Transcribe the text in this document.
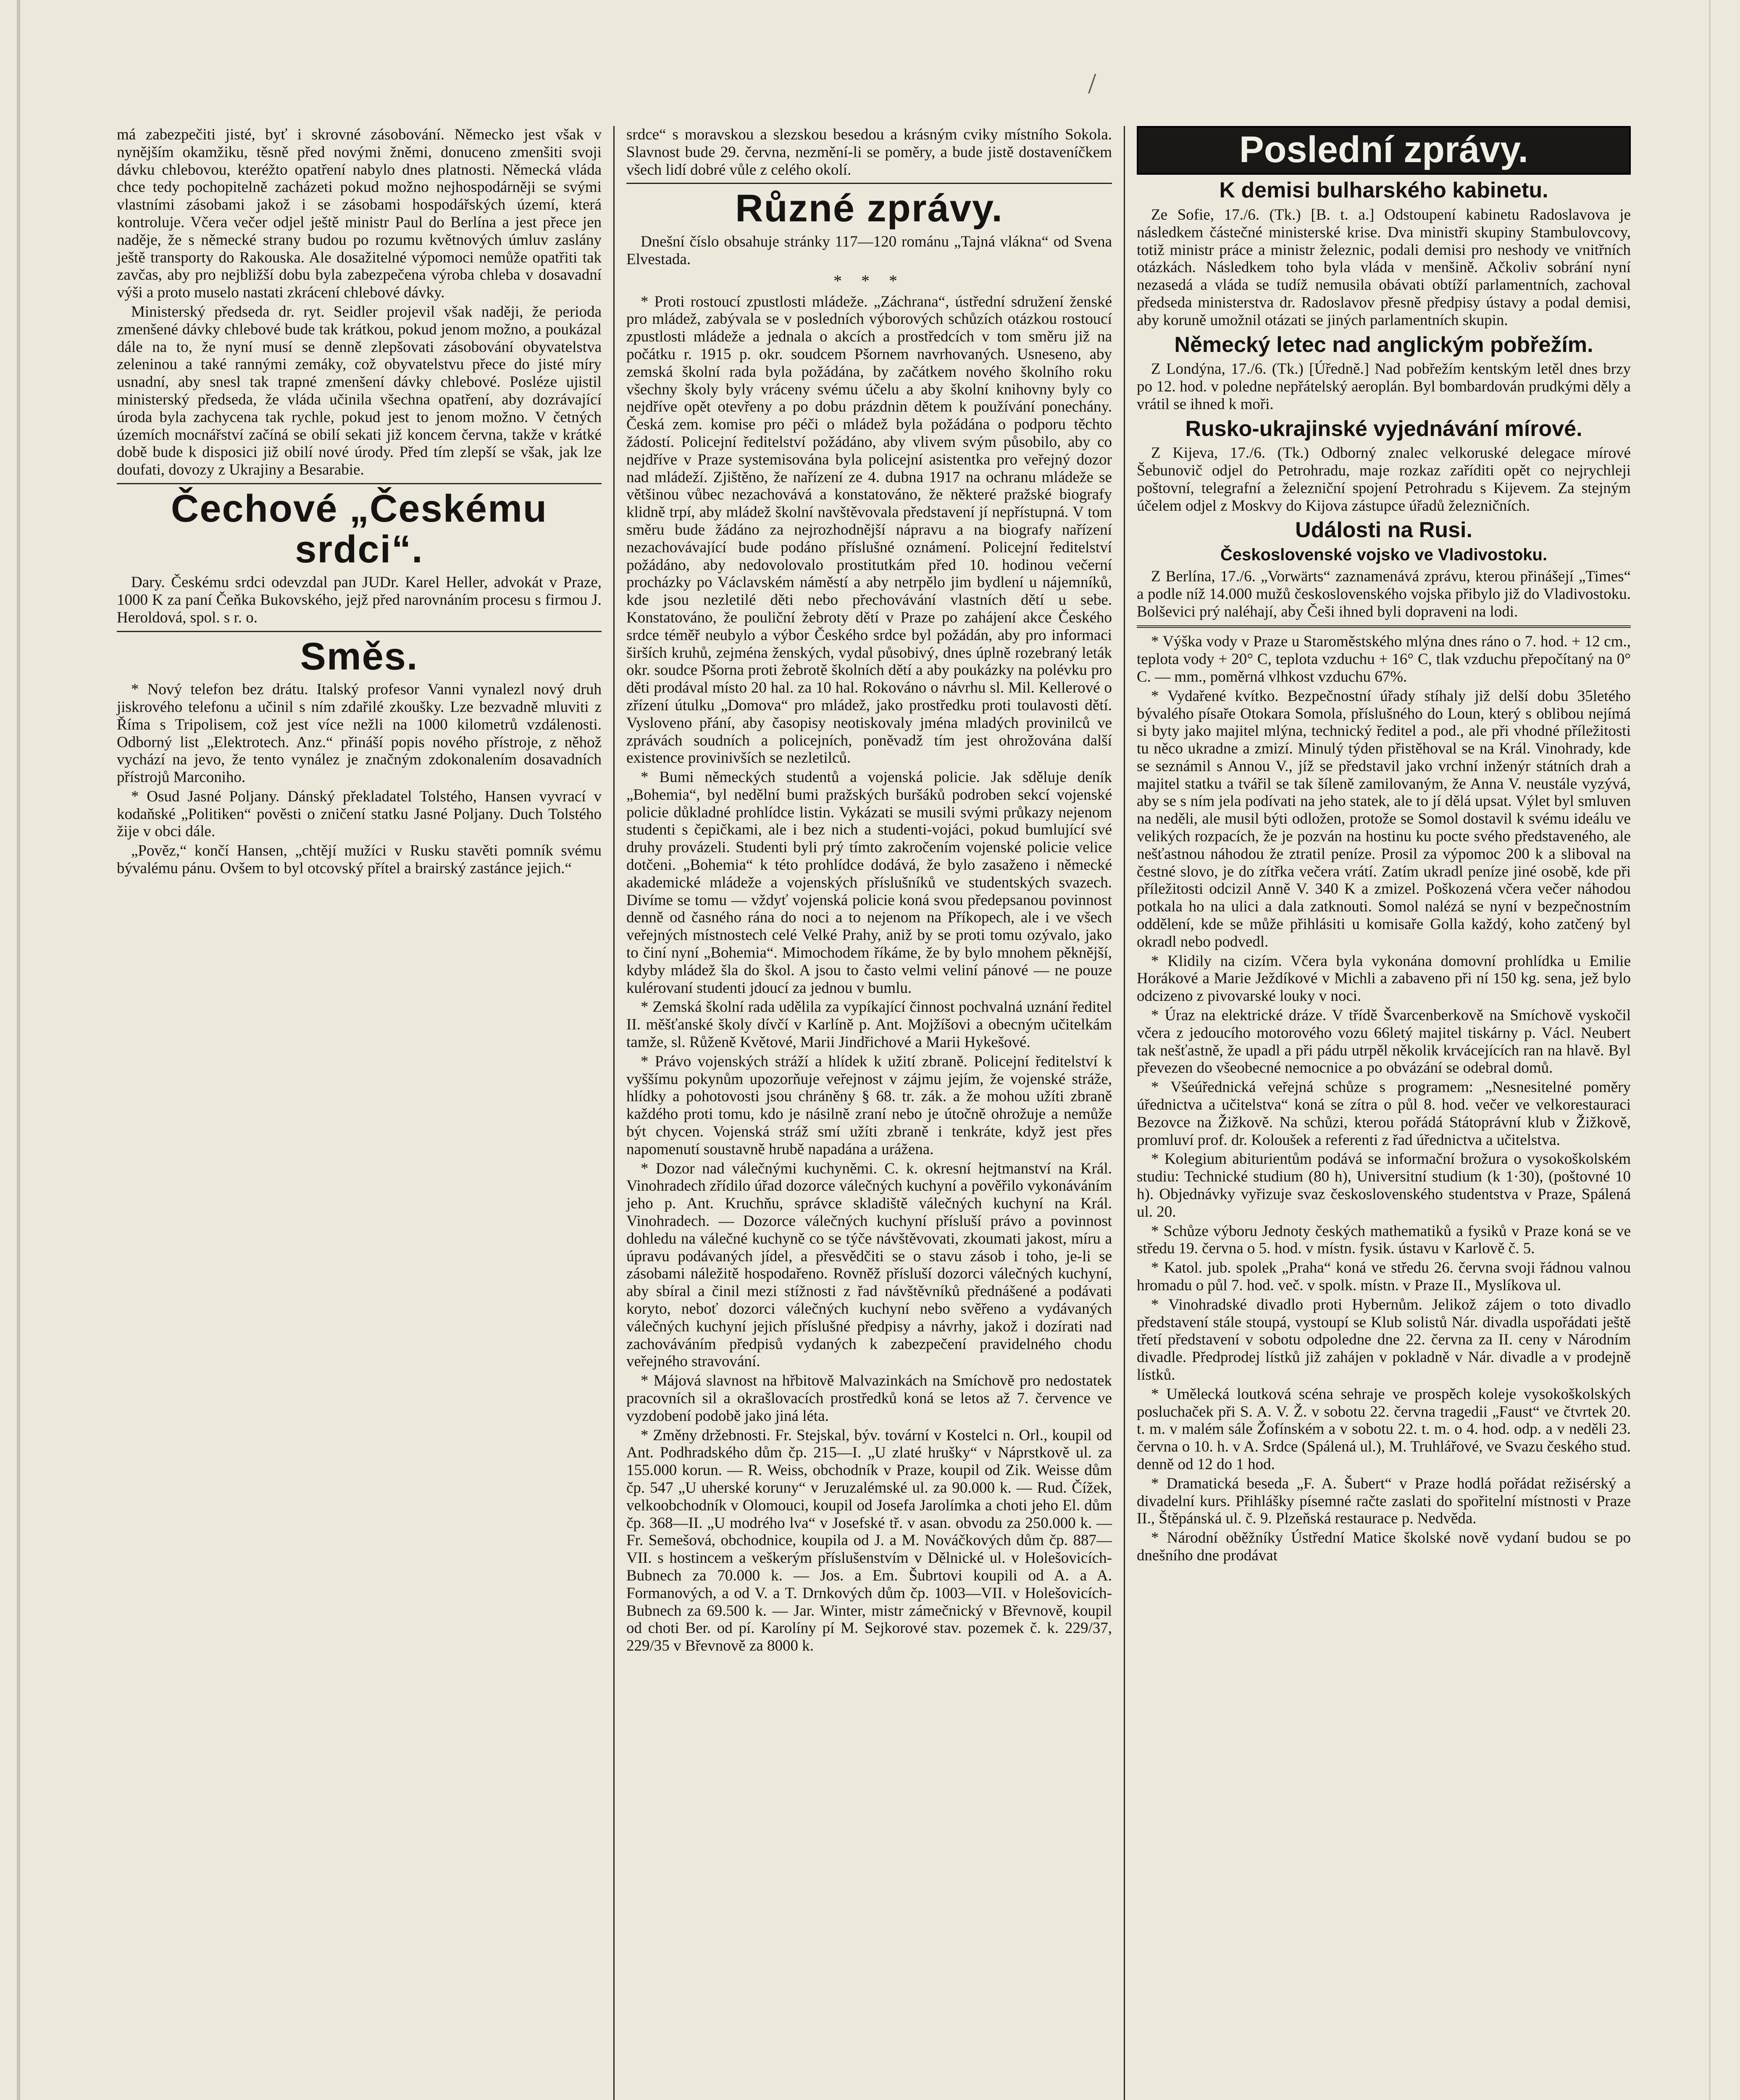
/

má zabezpečiti jisté, byť i skrovné zásobování. Německo jest však v nynějším okamžiku, těsně před novými žněmi, donuceno zmenšiti svoji dávku chlebovou, kteréžto opatření nabylo dnes platnosti. Německá vláda chce tedy pochopitelně zacházeti pokud možno nejhospodárněji se svými vlastními zásobami jakož i se zásobami hospodářských území, která kontroluje. Včera večer odjel ještě ministr Paul do Berlína a jest přece jen naděje, že s německé strany budou po rozumu květnových úmluv zaslány ještě transporty do Rakouska. Ale dosažitelné výpomoci nemůže opatřiti tak zavčas, aby pro nejbližší dobu byla zabezpečena výroba chleba v dosavadní výši a proto muselo nastati zkrácení chlebové dávky.

Ministerský předseda dr. ryt. Seidler projevil však naději, že perioda zmenšené dávky chlebové bude tak krátkou, pokud jenom možno, a poukázal dále na to, že nyní musí se denně zlepšovati zásobování obyvatelstva zeleninou a také rannými zemáky, což obyvatelstvu přece do jisté míry usnadní, aby snesl tak trapné zmenšení dávky chlebové. Posléze ujistil ministerský předseda, že vláda učinila všechna opatření, aby dozrávající úroda byla zachycena tak rychle, pokud jest to jenom možno. V četných územích mocnářství začíná se obilí sekati již koncem června, takže v krátké době bude k disposici již obilí nové úrody. Před tím zlepší se však, jak lze doufati, dovozy z Ukrajiny a Besarabie.

Čechové „Českému srdci“.

Dary. Českému srdci odevzdal pan JUDr. Karel Heller, advokát v Praze, 1000 K za paní Čeňka Bukovského, jejž před narovnáním procesu s firmou J. Heroldová, spol. s r. o.

Směs.

* Nový telefon bez drátu. Italský profesor Vanni vynalezl nový druh jiskrového telefonu a učinil s ním zdařilé zkoušky. Lze bezvadně mluviti z Říma s Tripolisem, což jest více nežli na 1000 kilometrů vzdálenosti. Odborný list „Elektrotech. Anz.“ přináší popis nového přístroje, z něhož vychází na jevo, že tento vynález je značným zdokonalením dosavadních přístrojů Marconiho.

* Osud Jasné Poljany. Dánský překladatel Tolstého, Hansen vyvrací v kodaňské „Politiken“ pověsti o zničení statku Jasné Poljany. Duch Tolstého žije v obci dále.

„Pověz,“ končí Hansen, „chtějí mužíci v Rusku stavěti pomník svému bývalému pánu. Ovšem to byl otcovský přítel a brairský zastánce jejich.“

srdce“ s moravskou a slezskou besedou a krásným cviky místního Sokola. Slavnost bude 29. června, nezmění-li se poměry, a bude jistě dostaveníčkem všech lidí dobré vůle z celého okolí.

Různé zprávy.

Dnešní číslo obsahuje stránky 117—120 románu „Tajná vlákna“ od Svena Elvestada.

* * *

* Proti rostoucí zpustlosti mládeže. „Záchrana“, ústřední sdružení ženské pro mládež, zabývala se v posledních výborových schůzích otázkou rostoucí zpustlosti mládeže a jednala o akcích a prostředcích v tom směru již na počátku r. 1915 p. okr. soudcem Pšornem navrhovaných. Usneseno, aby zemská školní rada byla požádána, by začátkem nového školního roku všechny školy byly vráceny svému účelu a aby školní knihovny byly co nejdříve opět otevřeny a po dobu prázdnin dětem k používání ponechány. Česká zem. komise pro péči o mládež byla požádána o podporu těchto žádostí. Policejní ředitelství požádáno, aby vlivem svým působilo, aby co nejdříve v Praze systemisována byla policejní asistentka pro veřejný dozor nad mládeží. Zjištěno, že nařízení ze 4. dubna 1917 na ochranu mládeže se většinou vůbec nezachovává a konstatováno, že některé pražské biografy klidně trpí, aby mládež školní navštěvovala představení jí nepřístupná. V tom směru bude žádáno za nejrozhodnější nápravu a na biografy nařízení nezachovávající bude podáno příslušné oznámení. Policejní ředitelství požádáno, aby nedovolovalo prostitutkám před 10. hodinou večerní procházky po Václavském náměstí a aby netrpělo jim bydlení u nájemníků, kde jsou nezletilé děti nebo přechovávání vlastních dětí u sebe. Konstatováno, že pouliční žebroty dětí v Praze po zahájení akce Českého srdce téměř neubylo a výbor Českého srdce byl požádán, aby pro informaci širších kruhů, zejména ženských, vydal působivý, dnes úplně rozebraný leták okr. soudce Pšorna proti žebrotě školních dětí a aby poukázky na polévku pro děti prodával místo 20 hal. za 10 hal. Rokováno o návrhu sl. Mil. Kellerové o zřízení útulku „Domova“ pro mládež, jako prostředku proti toulavosti dětí. Vysloveno přání, aby časopisy neotiskovaly jména mladých provinilců ve zprávách soudních a policejních, poněvadž tím jest ohrožována další existence provinivších se nezletilců.

* Bumi německých studentů a vojenská policie. Jak sděluje deník „Bohemia“, byl nedělní bumi pražských buršáků podroben sekcí vojenské policie důkladné prohlídce listin. Vykázati se musili svými průkazy nejenom studenti s čepičkami, ale i bez nich a studenti-vojáci, pokud bumlující své druhy provázeli. Studenti byli prý tímto zakročením vojenské policie velice dotčeni. „Bohemia“ k této prohlídce dodává, že bylo zasaženo i německé akademické mládeže a vojenských příslušníků ve studentských svazech. Divíme se tomu — vždyť vojenská policie koná svou předepsanou povinnost denně od časného rána do noci a to nejenom na Příkopech, ale i ve všech veřejných místnostech celé Velké Prahy, aniž by se proti tomu ozývalo, jako to činí nyní „Bohemia“. Mimochodem říkáme, že by bylo mnohem pěknější, kdyby mládež šla do škol. A jsou to často velmi veliní pánové — ne pouze kulérovaní studenti jdoucí za jednou v bumlu.

* Zemská školní rada udělila za vypíkající činnost pochvalná uznání ředitel II. měšťanské školy dívčí v Karlíně p. Ant. Mojžíšovi a obecným učitelkám tamže, sl. Růženě Květové, Marii Jindřichové a Marii Hykešové.

* Právo vojenských stráží a hlídek k užití zbraně. Policejní ředitelství k vyššímu pokynům upozorňuje veřejnost v zájmu jejím, že vojenské stráže, hlídky a pohotovosti jsou chráněny § 68. tr. zák. a že mohou užíti zbraně každého proti tomu, kdo je násilně zraní nebo je útočně ohrožuje a nemůže být chycen. Vojenská stráž smí užíti zbraně i tenkráte, když jest přes napomenutí soustavně hrubě napadána a urážena.

* Dozor nad válečnými kuchyněmi. C. k. okresní hejtmanství na Král. Vinohradech zřídilo úřad dozorce válečných kuchyní a pověřilo vykonáváním jeho p. Ant. Kruchňu, správce skladiště válečných kuchyní na Král. Vinohradech. — Dozorce válečných kuchyní přísluší právo a povinnost dohledu na válečné kuchyně co se týče návštěvovati, zkoumati jakost, míru a úpravu podávaných jídel, a přesvědčiti se o stavu zásob i toho, je-li se zásobami náležitě hospodařeno. Rovněž přísluší dozorci válečných kuchyní, aby sbíral a činil mezi stížnosti z řad návštěvníků přednášené a podávati koryto, neboť dozorci válečných kuchyní nebo svěřeno a vydávaných válečných kuchyní jejich příslušné předpisy a návrhy, jakož i dozírati nad zachováváním předpisů vydaných k zabezpečení pravidelného chodu veřejného stravování.

* Májová slavnost na hřbitově Malvazinkách na Smíchově pro nedostatek pracovních sil a okrašlovacích prostředků koná se letos až 7. července ve vyzdobení podobě jako jiná léta.

* Změny držebnosti. Fr. Stejskal, býv. tovární v Kostelci n. Orl., koupil od Ant. Podhradského dům čp. 215—I. „U zlaté hrušky“ v Náprstkově ul. za 155.000 korun. — R. Weiss, obchodník v Praze, koupil od Zik. Weisse dům čp. 547 „U uherské koruny“ v Jeruzalémské ul. za 90.000 k. — Rud. Čížek, velkoobchodník v Olomouci, koupil od Josefa Jarolímka a choti jeho El. dům čp. 368—II. „U modrého lva“ v Josefské tř. v asan. obvodu za 250.000 k. — Fr. Semešová, obchodnice, koupila od J. a M. Nováčkových dům čp. 887—VII. s hostincem a veškerým příslušenstvím v Dělnické ul. v Holešovicích-Bubnech za 70.000 k. — Jos. a Em. Šubrtovi koupili od A. a A. Formanových, a od V. a T. Drnkových dům čp. 1003—VII. v Holešovicích-Bubnech za 69.500 k. — Jar. Winter, mistr zámečnický v Břevnově, koupil od choti Ber. od pí. Karolíny pí M. Sejkorové stav. pozemek č. k. 229/37, 229/35 v Břevnově za 8000 k.

Poslední zprávy.
K demisi bulharského kabinetu.

Ze Sofie, 17./6. (Tk.) [B. t. a.] Odstoupení kabinetu Radoslavova je následkem částečné ministerské krise. Dva ministři skupiny Stambulovcovy, totiž ministr práce a ministr železnic, podali demisi pro neshody ve vnitřních otázkách. Následkem toho byla vláda v menšině. Ačkoliv sobrání nyní nezasedá a vláda se tudíž nemusila obávati obtíží parlamentních, zachoval předseda ministerstva dr. Radoslavov přesně předpisy ústavy a podal demisi, aby koruně umožnil otázati se jiných parlamentních skupin.

Německý letec nad anglickým pobřežím.

Z Londýna, 17./6. (Tk.) [Úředně.] Nad pobřežím kentským letěl dnes brzy po 12. hod. v poledne nepřátelský aeroplán. Byl bombardován prudkými děly a vrátil se ihned k moři.

Rusko-ukrajinské vyjednávání mírové.

Z Kijeva, 17./6. (Tk.) Odborný znalec velkoruské delegace mírové Šebunovič odjel do Petrohradu, maje rozkaz zaříditi opět co nejrychleji poštovní, telegrafní a železniční spojení Petrohradu s Kijevem. Za stejným účelem odjel z Moskvy do Kijova zástupce úřadů železničních.

Události na Rusi.
Československé vojsko ve Vladivostoku.

Z Berlína, 17./6. „Vorwärts“ zaznamenává zprávu, kterou přinášejí „Times“ a podle níž 14.000 mužů československého vojska přibylo již do Vladivostoku. Bolševici prý naléhají, aby Češi ihned byli dopraveni na lodi.

* Výška vody v Praze u Staroměstského mlýna dnes ráno o 7. hod. + 12 cm., teplota vody + 20° C, teplota vzduchu + 16° C, tlak vzduchu přepočítaný na 0° C. — mm., poměrná vlhkost vzduchu 67%.

* Vydařené kvítko. Bezpečnostní úřady stíhaly již delší dobu 35letého bývalého písaře Otokara Somola, příslušného do Loun, který s oblibou nejímá si byty jako majitel mlýna, technický ředitel a pod., ale při vhodné příležitosti tu něco ukradne a zmizí. Minulý týden přistěhoval se na Král. Vinohrady, kde se seznámil s Annou V., jíž se představil jako vrchní inženýr státních drah a majitel statku a tvářil se tak šíleně zamilovaným, že Anna V. neustále vyzývá, aby se s ním jela podívati na jeho statek, ale to jí dělá upsat. Výlet byl smluven na neděli, ale musil býti odložen, protože se Somol dostavil k svému ideálu ve velikých rozpacích, že je pozván na hostinu ku pocte svého představeného, ale nešťastnou náhodou že ztratil peníze. Prosil za výpomoc 200 k a sliboval na čestné slovo, je do zítřka večera vrátí. Zatím ukradl peníze jiné osobě, kde při příležitosti odcizil Anně V. 340 K a zmizel. Poškozená včera večer náhodou potkala ho na ulici a dala zatknouti. Somol nalézá se nyní v bezpečnostním oddělení, kde se může přihlásiti u komisaře Golla každý, koho zatčený byl okradl nebo podvedl.

* Klidily na cizím. Včera byla vykonána domovní prohlídka u Emilie Horákové a Marie Ježdíkové v Michli a zabaveno při ní 150 kg. sena, jež bylo odcizeno z pivovarské louky v noci.

* Úraz na elektrické dráze. V třídě Švarcenberkově na Smíchově vyskočil včera z jedoucího motorového vozu 66letý majitel tiskárny p. Václ. Neubert tak nešťastně, že upadl a při pádu utrpěl několik krvácejících ran na hlavě. Byl převezen do všeobecné nemocnice a po obvázání se odebral domů.

* Všeúřednická veřejná schůze s programem: „Nesnesitelné poměry úřednictva a učitelstva“ koná se zítra o půl 8. hod. večer ve velkorestauraci Bezovce na Žižkově. Na schůzi, kterou pořádá Státoprávní klub v Žižkově, promluví prof. dr. Koloušek a referenti z řad úřednictva a učitelstva.

* Kolegium abiturientům podává se informační brožura o vysokoškolském studiu: Technické studium (80 h), Universitní studium (k 1·30), (poštovné 10 h). Objednávky vyřizuje svaz československého studentstva v Praze, Spálená ul. 20.

* Schůze výboru Jednoty českých mathematiků a fysiků v Praze koná se ve středu 19. června o 5. hod. v místn. fysik. ústavu v Karlově č. 5.

* Katol. jub. spolek „Praha“ koná ve středu 26. června svoji řádnou valnou hromadu o půl 7. hod. več. v spolk. místn. v Praze II., Myslíkova ul.

* Vinohradské divadlo proti Hybernům. Jelikož zájem o toto divadlo představení stále stoupá, vystoupí se Klub solistů Nár. divadla uspořádati ještě třetí představení v sobotu odpoledne dne 22. června za II. ceny v Národním divadle. Předprodej lístků již zahájen v pokladně v Nár. divadle a v prodejně lístků.

* Umělecká loutková scéna sehraje ve prospěch koleje vysokoškolských posluchaček při S. A. V. Ž. v sobotu 22. června tragedii „Faust“ ve čtvrtek 20. t. m. v malém sále Žofínském a v sobotu 22. t. m. o 4. hod. odp. a v neděli 23. června o 10. h. v A. Srdce (Spálená ul.), M. Truhlářové, ve Svazu českého stud. denně od 12 do 1 hod.

* Dramatická beseda „F. A. Šubert“ v Praze hodlá pořádat režisérský a divadelní kurs. Přihlášky písemné račte zaslati do spořitelní místnosti v Praze II., Štěpánská ul. č. 9. Plzeňská restaurace p. Nedvěda.

* Národní oběžníky Ústřední Matice školské nově vydaní budou se po dnešního dne prodávat
